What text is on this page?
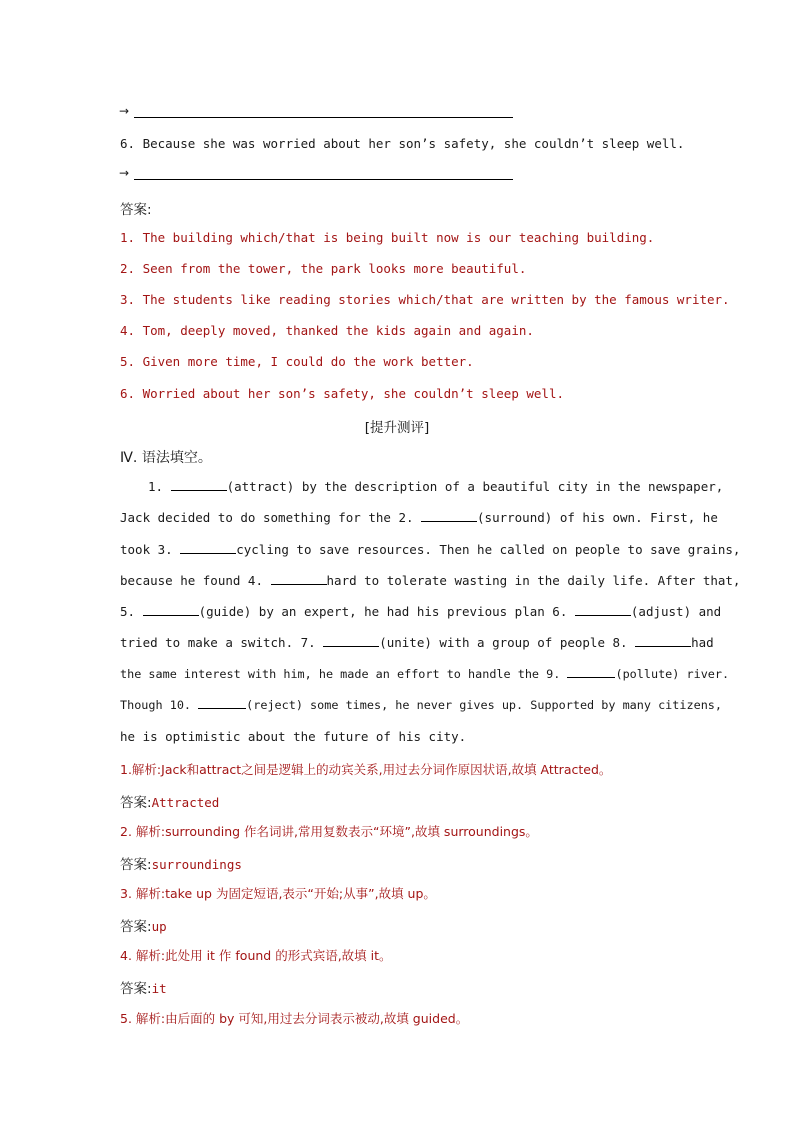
→
6. Because she was worried about her son’s safety, she couldn’t sleep well.
→
答案:
1. The building which/that is being built now is our teaching building.
2. Seen from the tower, the park looks more beautiful.
3. The students like reading stories which/that are written by the famous writer.
4. Tom, deeply moved, thanked the kids again and again.
5. Given more time, I could do the work better.
6. Worried about her son’s safety, she couldn’t sleep well.
[提升测评]
Ⅳ. 语法填空。
1.	(attract) by the description of a beautiful city in the newspaper,
Jack decided to do something for the 2.	(surround) of his own. First, he
took 3.	cycling to save resources. Then he called on people to save grains,
because he found 4.	hard to tolerate wasting in the daily life. After that,
5.	(guide) by an expert, he had his previous plan 6.	(adjust) and
tried to make a switch. 7.	(unite) with a group of people 8.	had
the same interest with him, he made an effort to handle the 9.	(pollute) river.
Though 10.	(reject) some times, he never gives up. Supported by many citizens,
he is optimistic about the future of his city.
1.解析:Jack和attract之间是逻辑上的动宾关系,用过去分词作原因状语,故填 Attracted。
答案:Attracted
2. 解析:surrounding 作名词讲,常用复数表示“环境”,故填 surroundings。
答案:surroundings
3. 解析:take up 为固定短语,表示“开始;从事”,故填 up。
答案:up
4. 解析:此处用 it 作 found 的形式宾语,故填 it。
答案:it
5. 解析:由后面的 by 可知,用过去分词表示被动,故填 guided。
